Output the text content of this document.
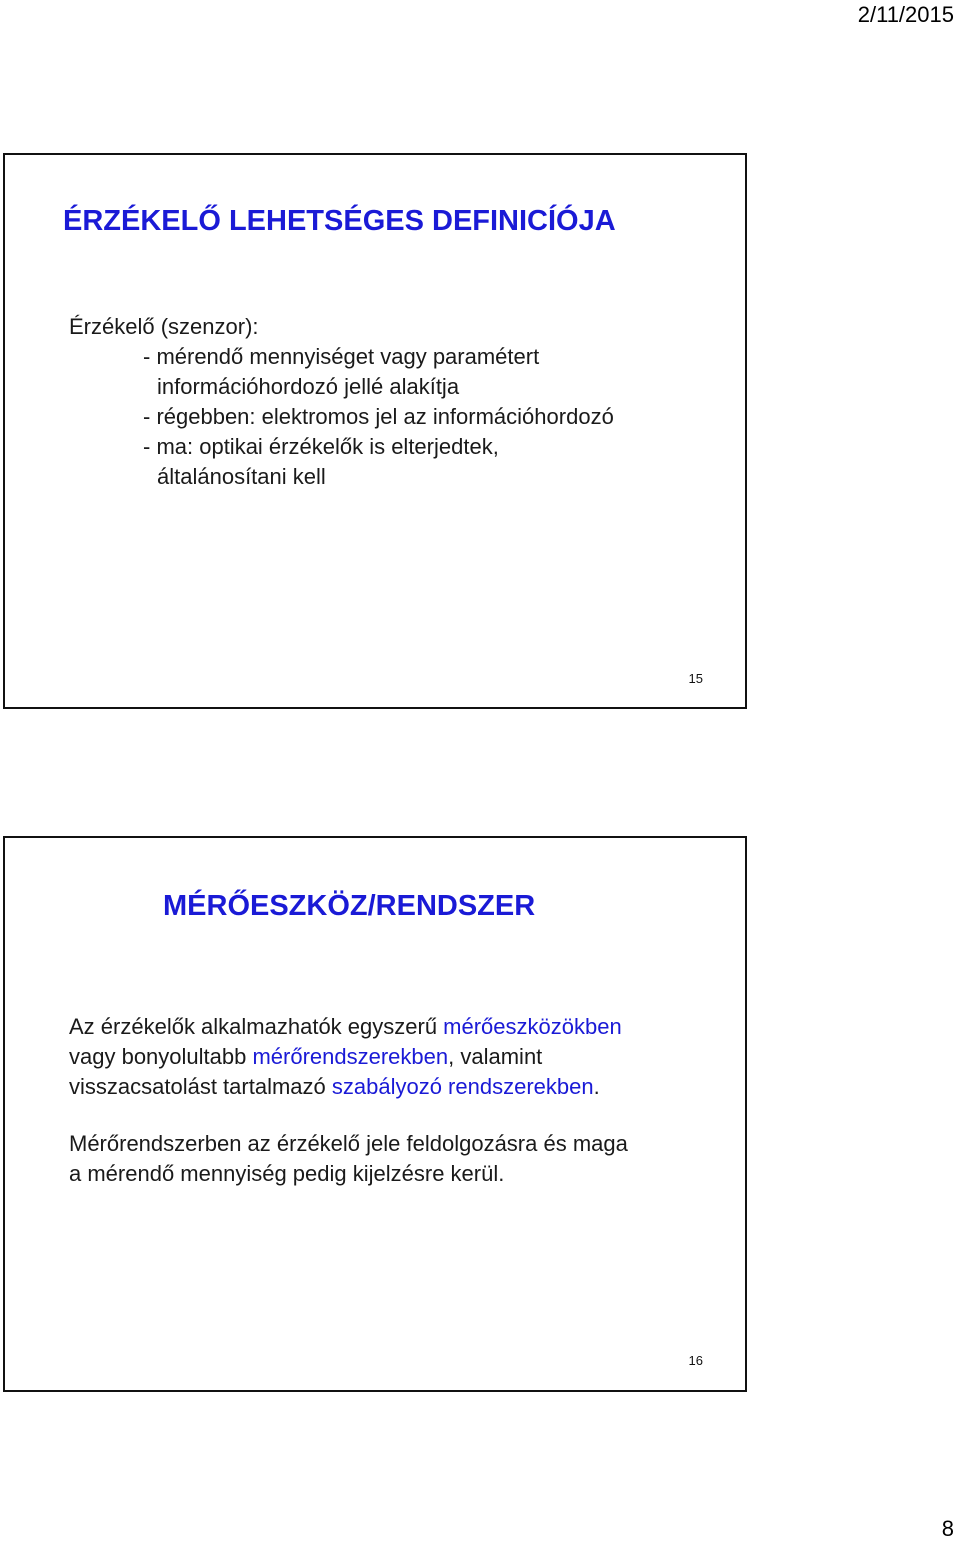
2/11/2015
ÉRZÉKELŐ LEHETSÉGES DEFINICÍÓJA
Érzékelő (szenzor):
- mérendő mennyiséget vagy paramétert
információhordozó jellé alakítja
- régebben: elektromos jel az információhordozó
- ma: optikai érzékelők is elterjedtek,
általánosítani kell
15
MÉRŐESZKÖZ/RENDSZER
Az érzékelők alkalmazhatók egyszerű mérőeszközökben
vagy bonyolultabb mérőrendszerekben, valamint
visszacsatolást tartalmazó szabályozó rendszerekben.
Mérőrendszerben az érzékelő jele feldolgozásra és maga
a mérendő mennyiség pedig kijelzésre kerül.
16
8
